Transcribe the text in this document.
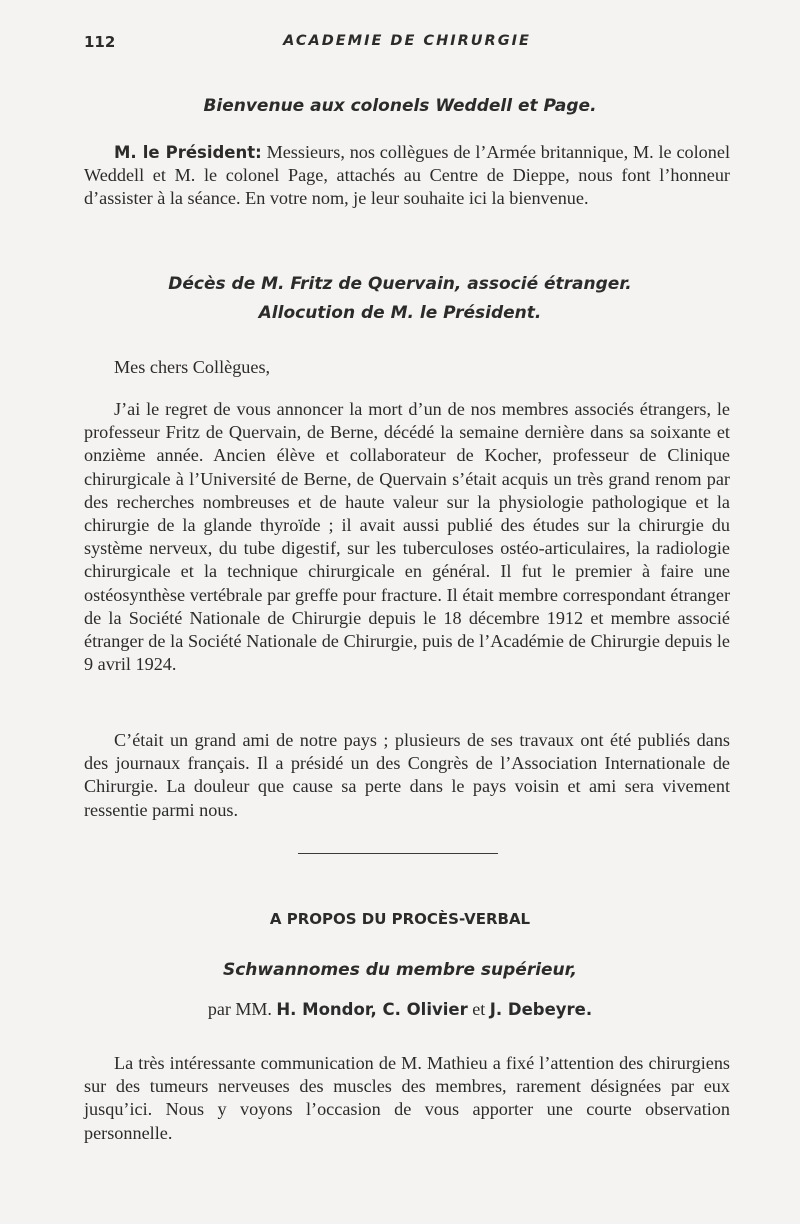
112	ACADEMIE DE CHIRURGIE
Bienvenue aux colonels Weddell et Page.

M. le Président: Messieurs, nos collègues de l’Armée britannique, M. le colonel Weddell et M. le colonel Page, attachés au Centre de Dieppe, nous font l’honneur d’assister à la séance. En votre nom, je leur souhaite ici la bienvenue.

Décès de M. Fritz de Quervain, associé étranger.
Allocution de M. le Président.

Mes chers Collègues,

J’ai le regret de vous annoncer la mort d’un de nos membres associés étrangers, le professeur Fritz de Quervain, de Berne, décédé la semaine dernière dans sa soixante et onzième année. Ancien élève et collaborateur de Kocher, professeur de Clinique chirurgicale à l’Université de Berne, de Quervain s’était acquis un très grand renom par des recherches nombreuses et de haute valeur sur la physiologie pathologique et la chirurgie de la glande thyroïde ; il avait aussi publié des études sur la chirurgie du système nerveux, du tube digestif, sur les tuberculoses ostéo-articulaires, la radiologie chirurgicale et la technique chirurgicale en général. Il fut le premier à faire une ostéosynthèse vertébrale par greffe pour fracture. Il était membre correspondant étranger de la Société Nationale de Chirurgie depuis le 18 décembre 1912 et membre associé étranger de la Société Nationale de Chirurgie, puis de l’Académie de Chirurgie depuis le 9 avril 1924.

C’était un grand ami de notre pays ; plusieurs de ses travaux ont été publiés dans des journaux français. Il a présidé un des Congrès de l’Association Internationale de Chirurgie. La douleur que cause sa perte dans le pays voisin et ami sera vivement ressentie parmi nous.

A PROPOS DU PROCÈS-VERBAL
Schwannomes du membre supérieur,
par MM. H. Mondor, C. Olivier et J. Debeyre.

La très intéressante communication de M. Mathieu a fixé l’attention des chirurgiens sur des tumeurs nerveuses des muscles des membres, rarement désignées par eux jusqu’ici. Nous y voyons l’occasion de vous apporter une courte observation personnelle.
